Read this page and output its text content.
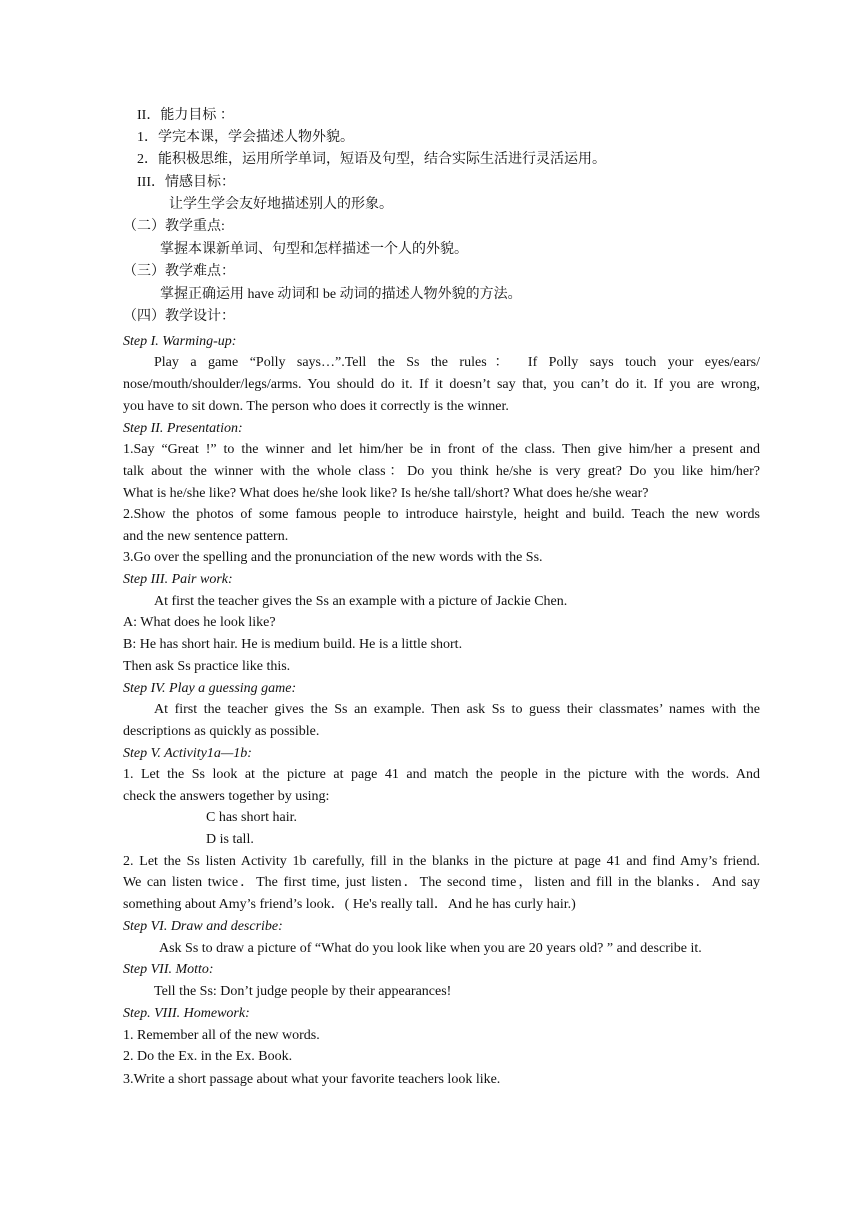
II．能力目标 ：
1．学完本课，学会描述人物外貌。
2．能积极思维，运用所学单词，短语及句型，结合实际生活进行灵活运用。
III．情感目标：
让学生学会友好地描述别人的形象。
（二）教学重点:
掌握本课新单词、句型和怎样描述一个人的外貌。
（三）教学难点：
掌握正确运用 have 动词和 be 动词的描述人物外貌的方法。
（四）教学设计：
Step I. Warming-up:
Play a game “Polly says…”.Tell the Ss the rules： If Polly says touch your eyes/ears/
nose/mouth/shoulder/legs/arms. You should do it. If it doesn’t say that, you can’t do it. If you are wrong,
you have to sit down. The person who does it correctly is the winner.
Step II. Presentation:
1.Say “Great !” to the winner and let him/her be in front of the class. Then give him/her a present and
talk about the winner with the whole class：Do you think he/she is very great? Do you like him/her?
What is he/she like? What does he/she look like? Is he/she tall/short? What does he/she wear?
2.Show the photos of some famous people to introduce hairstyle, height and build. Teach the new words
and the new sentence pattern.
3.Go over the spelling and the pronunciation of the new words with the Ss.
Step III. Pair work:
At first the teacher gives the Ss an example with a picture of Jackie Chen.
A: What does he look like?
B: He has short hair. He is medium build. He is a little short.
Then ask Ss practice like this.
Step IV. Play a guessing game:
At first the teacher gives the Ss an example. Then ask Ss to guess their classmates’ names with the
descriptions as quickly as possible.
Step V. Activity1a—1b:
1. Let the Ss look at the picture at page 41 and match the people in the picture with the words. And
check the answers together by using:
C has short hair.
D is tall.
2. Let the Ss listen Activity 1b carefully, fill in the blanks in the picture at page 41 and find Amy’s friend.
We can listen twice．The first time, just listen．The second time，listen and fill in the blanks．And say
something about Amy’s friend’s look．( He's really tall．And he has curly hair.)
Step VI. Draw and describe:
Ask Ss to draw a picture of “What do you look like when you are 20 years old? ” and describe it.
Step VII. Motto:
Tell the Ss: Don’t judge people by their appearances!
Step. VIII. Homework:
1. Remember all of the new words.
2. Do the Ex. in the Ex. Book.
3.Write a short passage about what your favorite teachers look like.
